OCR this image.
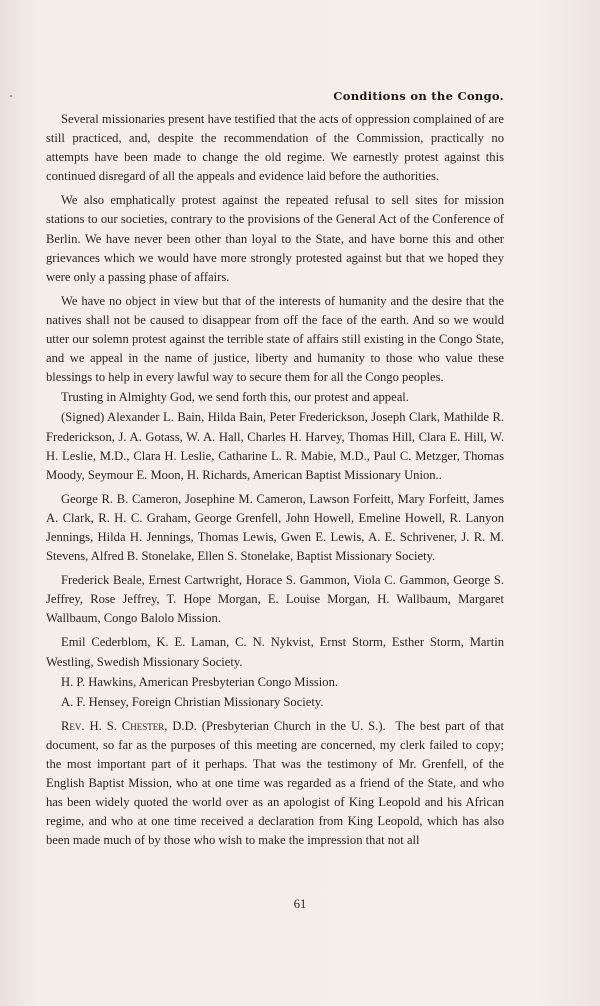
Conditions on the Congo.

Several missionaries present have testified that the acts of oppression complained of are still practiced, and, despite the recommendation of the Commission, practically no attempts have been made to change the old regime. We earnestly protest against this continued disregard of all the appeals and evidence laid before the authorities.

We also emphatically protest against the repeated refusal to sell sites for mission stations to our societies, contrary to the provisions of the General Act of the Conference of Berlin. We have never been other than loyal to the State, and have borne this and other grievances which we would have more strongly protested against but that we hoped they were only a passing phase of affairs.

We have no object in view but that of the interests of humanity and the desire that the natives shall not be caused to disappear from off the face of the earth. And so we would utter our solemn protest against the terrible state of affairs still existing in the Congo State, and we appeal in the name of justice, liberty and humanity to those who value these blessings to help in every lawful way to secure them for all the Congo peoples.

Trusting in Almighty God, we send forth this, our protest and appeal.

(Signed) Alexander L. Bain, Hilda Bain, Peter Frederickson, Joseph Clark, Mathilde R. Frederickson, J. A. Gotass, W. A. Hall, Charles H. Harvey, Thomas Hill, Clara E. Hill, W. H. Leslie, M.D., Clara H. Leslie, Catharine L. R. Mabie, M.D., Paul C. Metzger, Thomas Moody, Seymour E. Moon, H. Richards, American Baptist Missionary Union..

George R. B. Cameron, Josephine M. Cameron, Lawson Forfeitt, Mary Forfeitt, James A. Clark, R. H. C. Graham, George Grenfell, John Howell, Emeline Howell, R. Lanyon Jennings, Hilda H. Jennings, Thomas Lewis, Gwen E. Lewis, A. E. Schrivener, J. R. M. Stevens, Alfred B. Stonelake, Ellen S. Stonelake, Baptist Missionary Society.

Frederick Beale, Ernest Cartwright, Horace S. Gammon, Viola C. Gammon, George S. Jeffrey, Rose Jeffrey, T. Hope Morgan, E. Louise Morgan, H. Wallbaum, Margaret Wallbaum, Congo Balolo Mission.

Emil Cederblom, K. E. Laman, C. N. Nykvist, Ernst Storm, Esther Storm, Martin Westling, Swedish Missionary Society.

H. P. Hawkins, American Presbyterian Congo Mission.

A. F. Hensey, Foreign Christian Missionary Society.

Rev. H. S. Chester, D.D. (Presbyterian Church in the U. S.). The best part of that document, so far as the purposes of this meeting are concerned, my clerk failed to copy; the most important part of it perhaps. That was the testimony of Mr. Grenfell, of the English Baptist Mission, who at one time was regarded as a friend of the State, and who has been widely quoted the world over as an apologist of King Leopold and his African regime, and who at one time received a declaration from King Leopold, which has also been made much of by those who wish to make the impression that not all

61
